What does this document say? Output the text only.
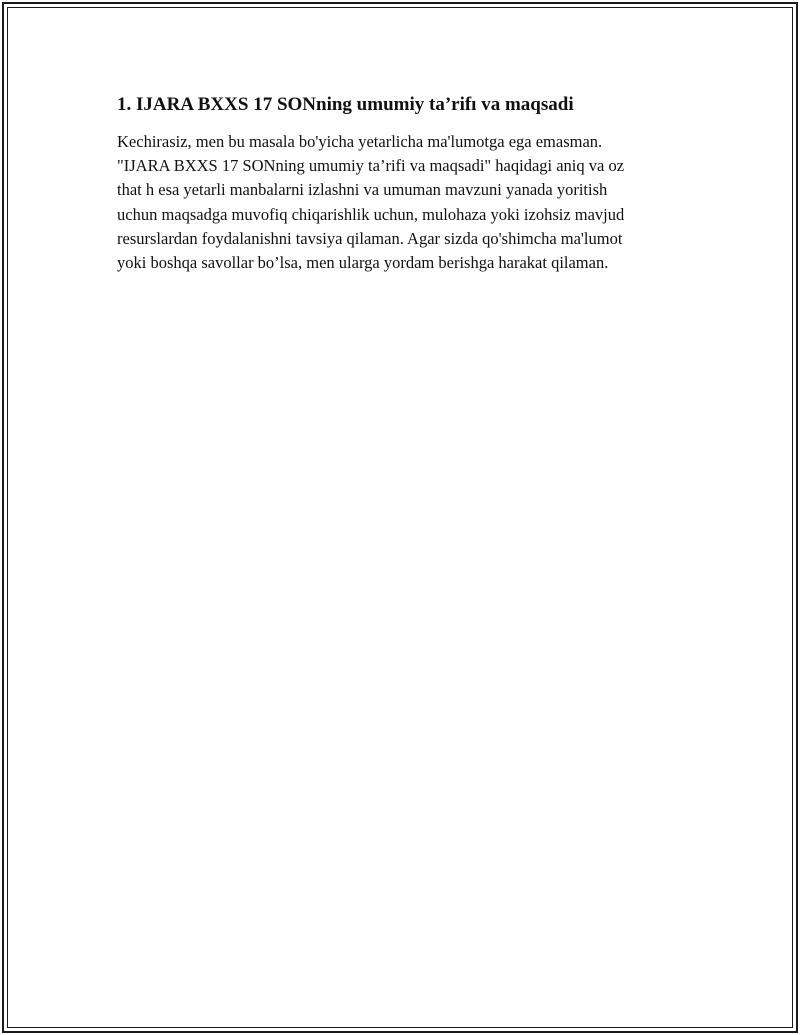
1. IJARA BXXS 17 SONning umumiy ta’rifı va maqsadi

Kechirasiz, men bu masala bo'yicha yetarlicha ma'lumotga ega emasman.
"IJARA BXXS 17 SONning umumiy ta’rifi va maqsadi" haqidagi aniq va oz
that h esa yetarli manbalarni izlashni va umuman mavzuni yanada yoritish
uchun maqsadga muvofiq chiqarishlik uchun, mulohaza yoki izohsiz mavjud
resurslardan foydalanishni tavsiya qilaman. Agar sizda qo'shimcha ma'lumot
yoki boshqa savollar bo’lsa, men ularga yordam berishga harakat qilaman.
